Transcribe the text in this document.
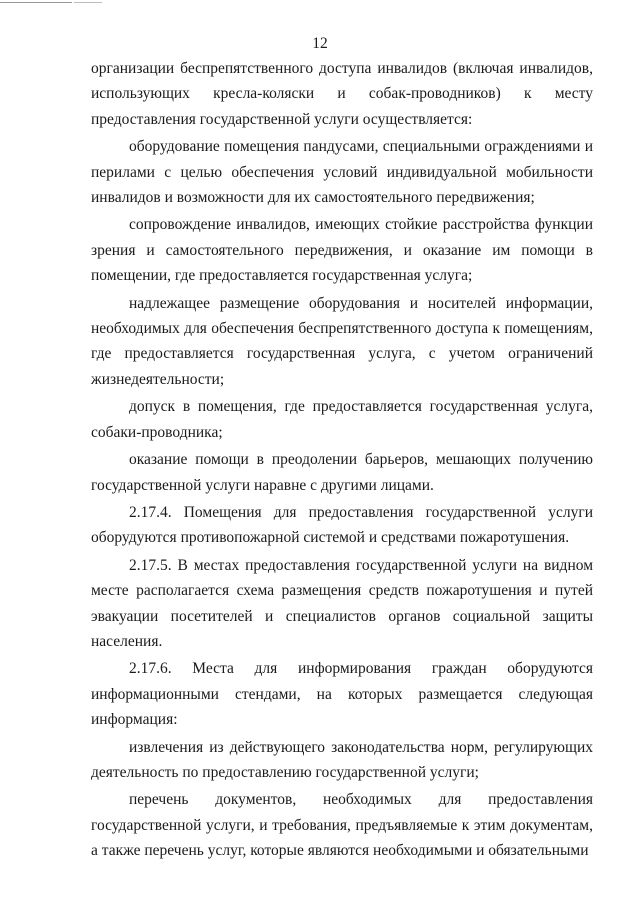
12

организации беспрепятственного доступа инвалидов (включая инвалидов, использующих кресла-коляски и собак-проводников) к месту предоставления государственной услуги осуществляется:

оборудование помещения пандусами, специальными ограждениями и перилами с целью обеспечения условий индивидуальной мобильности инвалидов и возможности для их самостоятельного передвижения;

сопровождение инвалидов, имеющих стойкие расстройства функции зрения и самостоятельного передвижения, и оказание им помощи в помещении, где предоставляется государственная услуга;

надлежащее размещение оборудования и носителей информации, необходимых для обеспечения беспрепятственного доступа к помещениям, где предоставляется государственная услуга, с учетом ограничений жизнедеятельности;

допуск в помещения, где предоставляется государственная услуга, собаки-проводника;

оказание помощи в преодолении барьеров, мешающих получению государственной услуги наравне с другими лицами.

2.17.4. Помещения для предоставления государственной услуги оборудуются противопожарной системой и средствами пожаротушения.

2.17.5. В местах предоставления государственной услуги на видном месте располагается схема размещения средств пожаротушения и путей эвакуации посетителей и специалистов органов социальной защиты населения.

2.17.6. Места для информирования граждан оборудуются информационными стендами, на которых размещается следующая информация:

извлечения из действующего законодательства норм, регулирующих деятельность по предоставлению государственной услуги;

перечень документов, необходимых для предоставления государственной услуги, и требования, предъявляемые к этим документам, а также перечень услуг, которые являются необходимыми и обязательными
